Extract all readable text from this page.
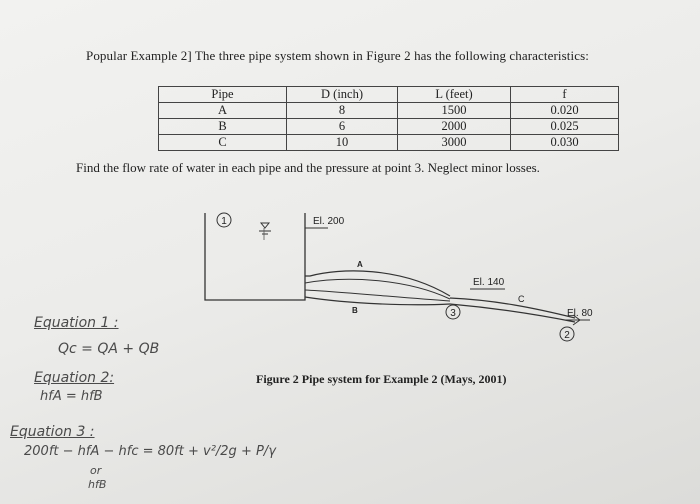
Popular Example 2] The three pipe system shown in Figure 2 has the following characteristics:
Pipe	D (inch)	L (feet)	f
A	8	1500	0.020
B	6	2000	0.025
C	10	3000	0.030
Find the flow rate of water in each pipe and the pressure at point 3. Neglect minor losses.
1
3
2
El. 200
El. 140
El. 80
A
B
C
Figure 2 Pipe system for Example 2 (Mays, 2001)
Equation 1 :
Qc = QA + QB
Equation 2:
hfA = hfB
Equation 3 :
200ft − hfA − hfc = 80ft + v²/2g + P/γ
or
hfB
